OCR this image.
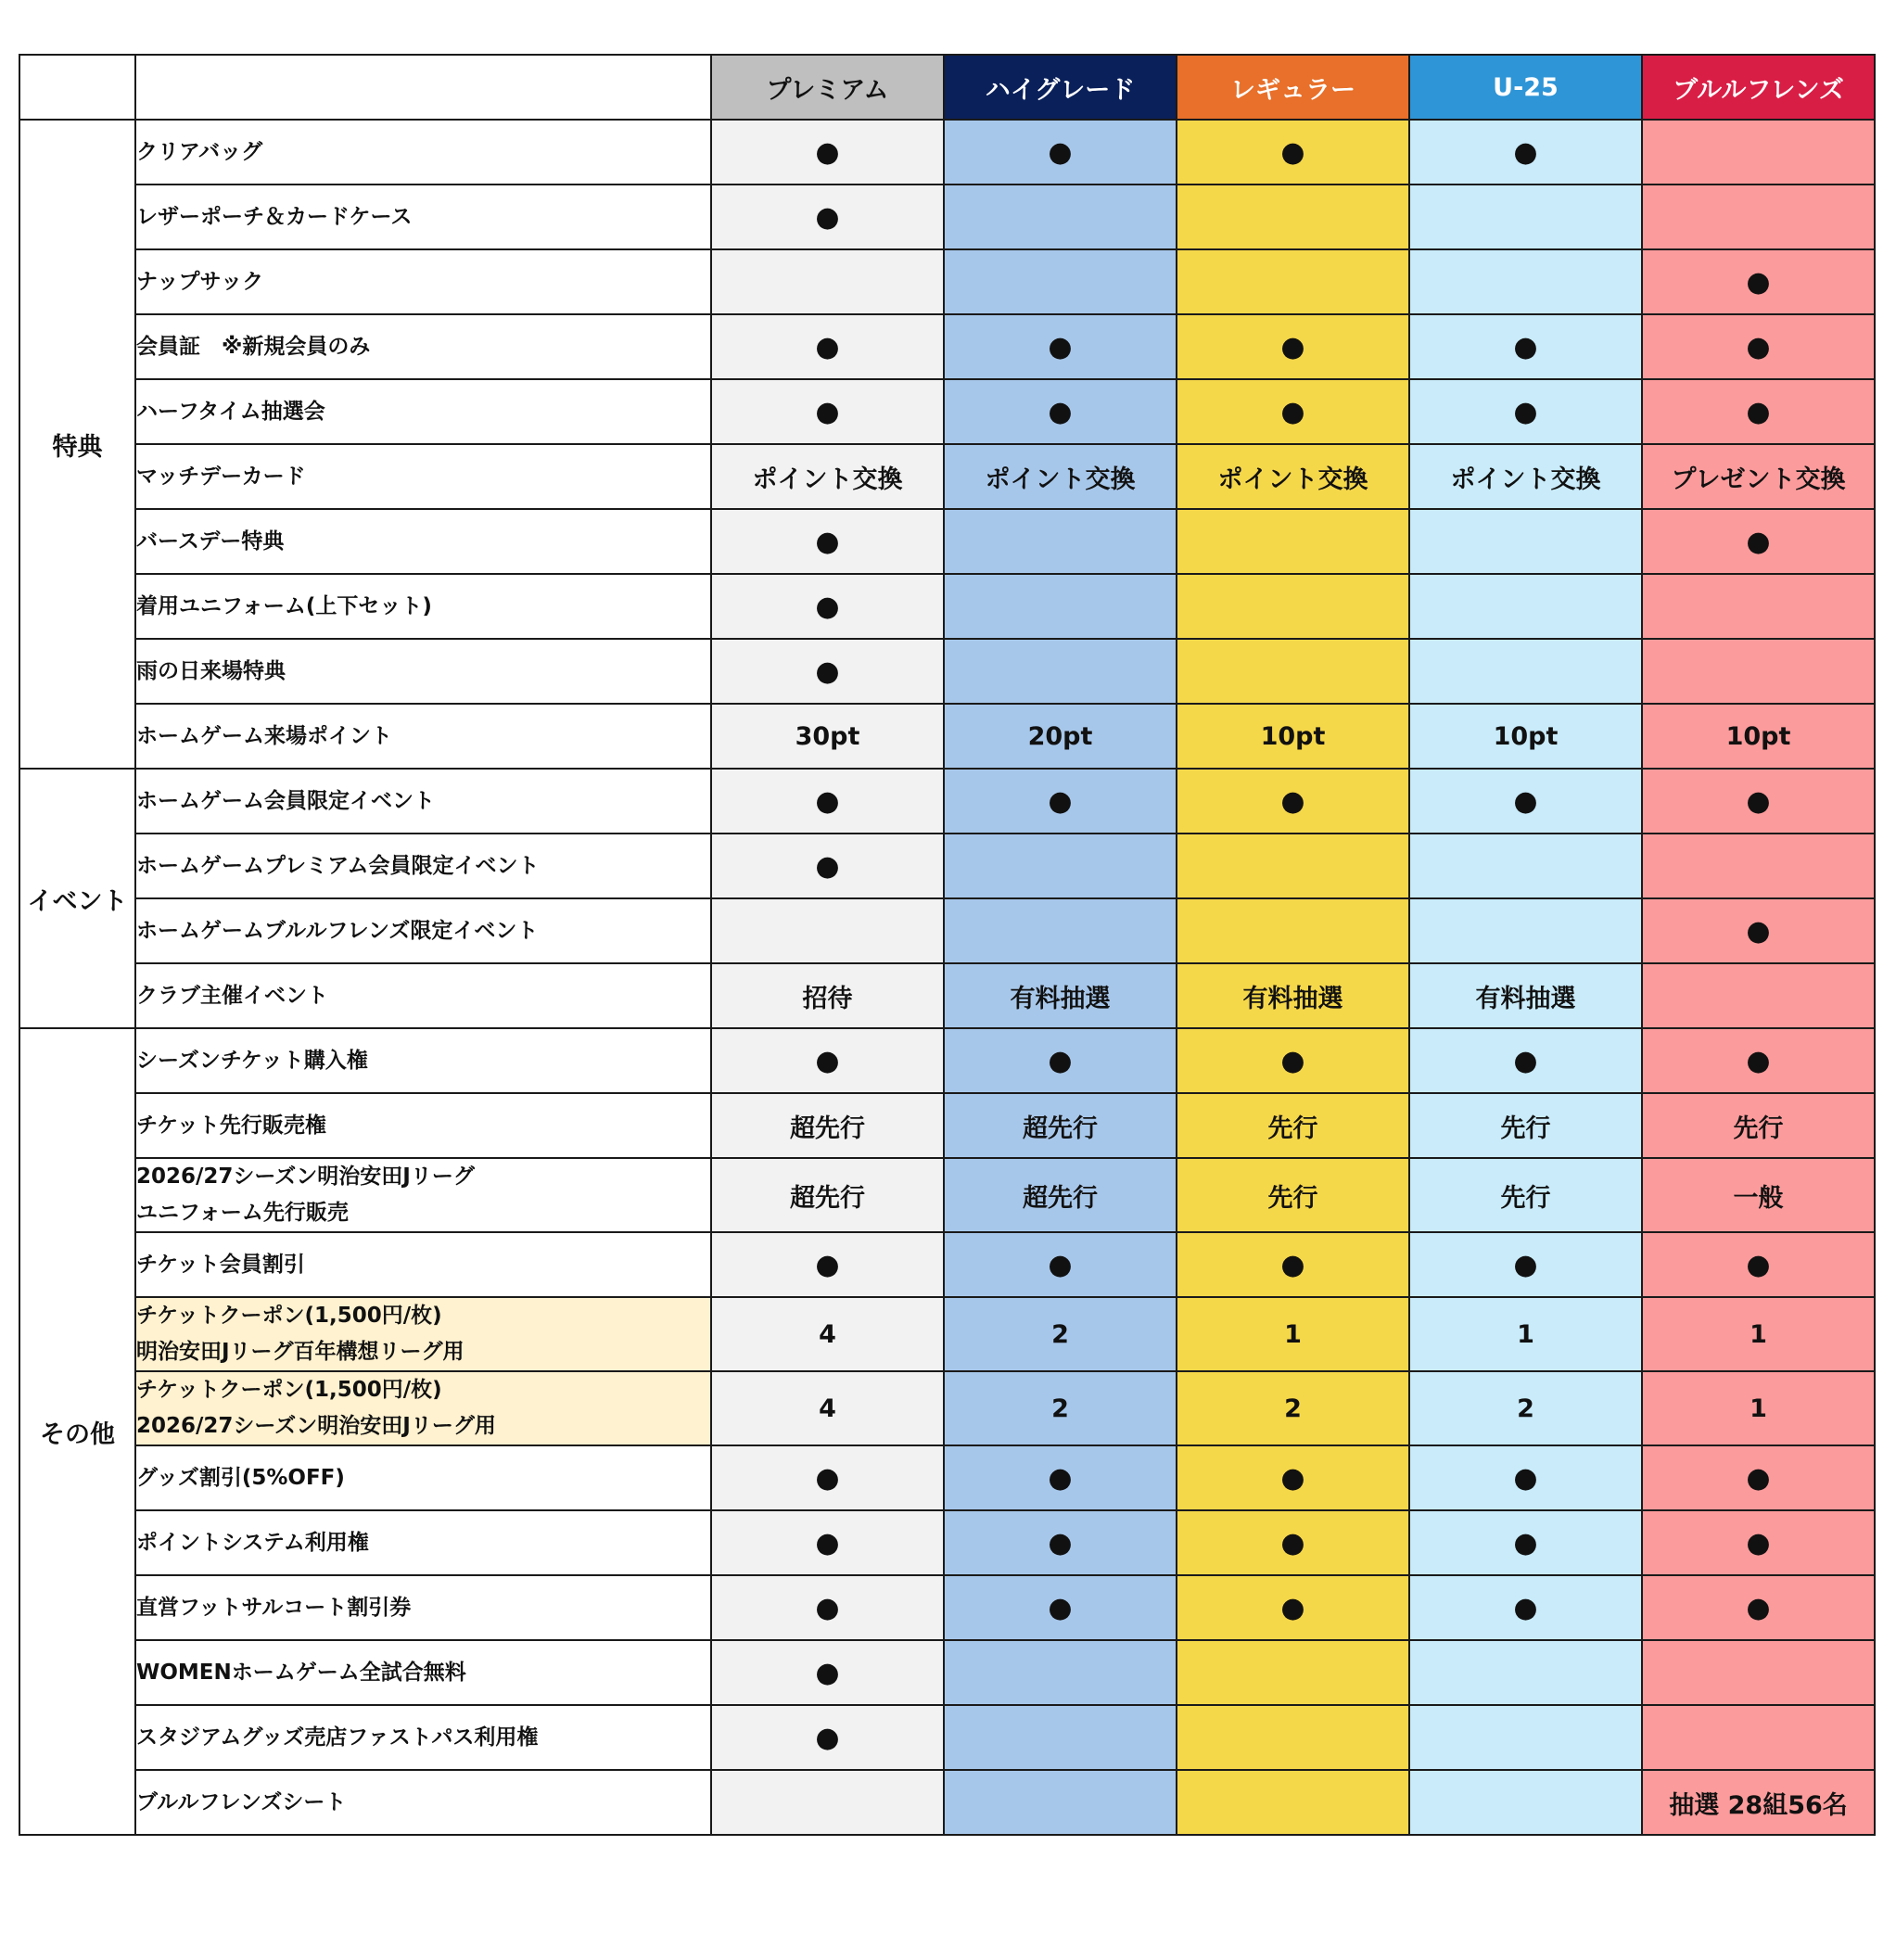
		プレミアム	ハイグレード	レギュラー	U-25	ブルルフレンズ
特典	クリアバッグ	●	●	●	●	

	レザーポーチ＆カードケース	●				

	ナップサック					●

	会員証　※新規会員のみ	●	●	●	●	●

	ハーフタイム抽選会	●	●	●	●	●

	マッチデーカード	ポイント交換	ポイント交換	ポイント交換	ポイント交換	プレゼント交換

	バースデー特典	●				●

	着用ユニフォーム(上下セット)	●				

	雨の日来場特典	●				

	ホームゲーム来場ポイント	30pt	20pt	10pt	10pt	10pt
イベント	ホームゲーム会員限定イベント	●	●	●	●	●

	ホームゲームプレミアム会員限定イベント	●				

	ホームゲームブルルフレンズ限定イベント					●

	クラブ主催イベント	招待	有料抽選	有料抽選	有料抽選	
その他	シーズンチケット購入権	●	●	●	●	●

	チケット先行販売権	超先行	超先行	先行	先行	先行

	2026/27シーズン明治安田Jリーグ
ユニフォーム先行販売	超先行	超先行	先行	先行	一般

	チケット会員割引	●	●	●	●	●

	チケットクーポン(1,500円/枚)
明治安田Jリーグ百年構想リーグ用	4	2	1	1	1

	チケットクーポン(1,500円/枚)
2026/27シーズン明治安田Jリーグ用	4	2	2	2	1

	グッズ割引(5%OFF)	●	●	●	●	●

	ポイントシステム利用権	●	●	●	●	●

	直営フットサルコート割引券	●	●	●	●	●

	WOMENホームゲーム全試合無料	●				

	スタジアムグッズ売店ファストパス利用権	●				

	ブルルフレンズシート					抽選 28組56名
